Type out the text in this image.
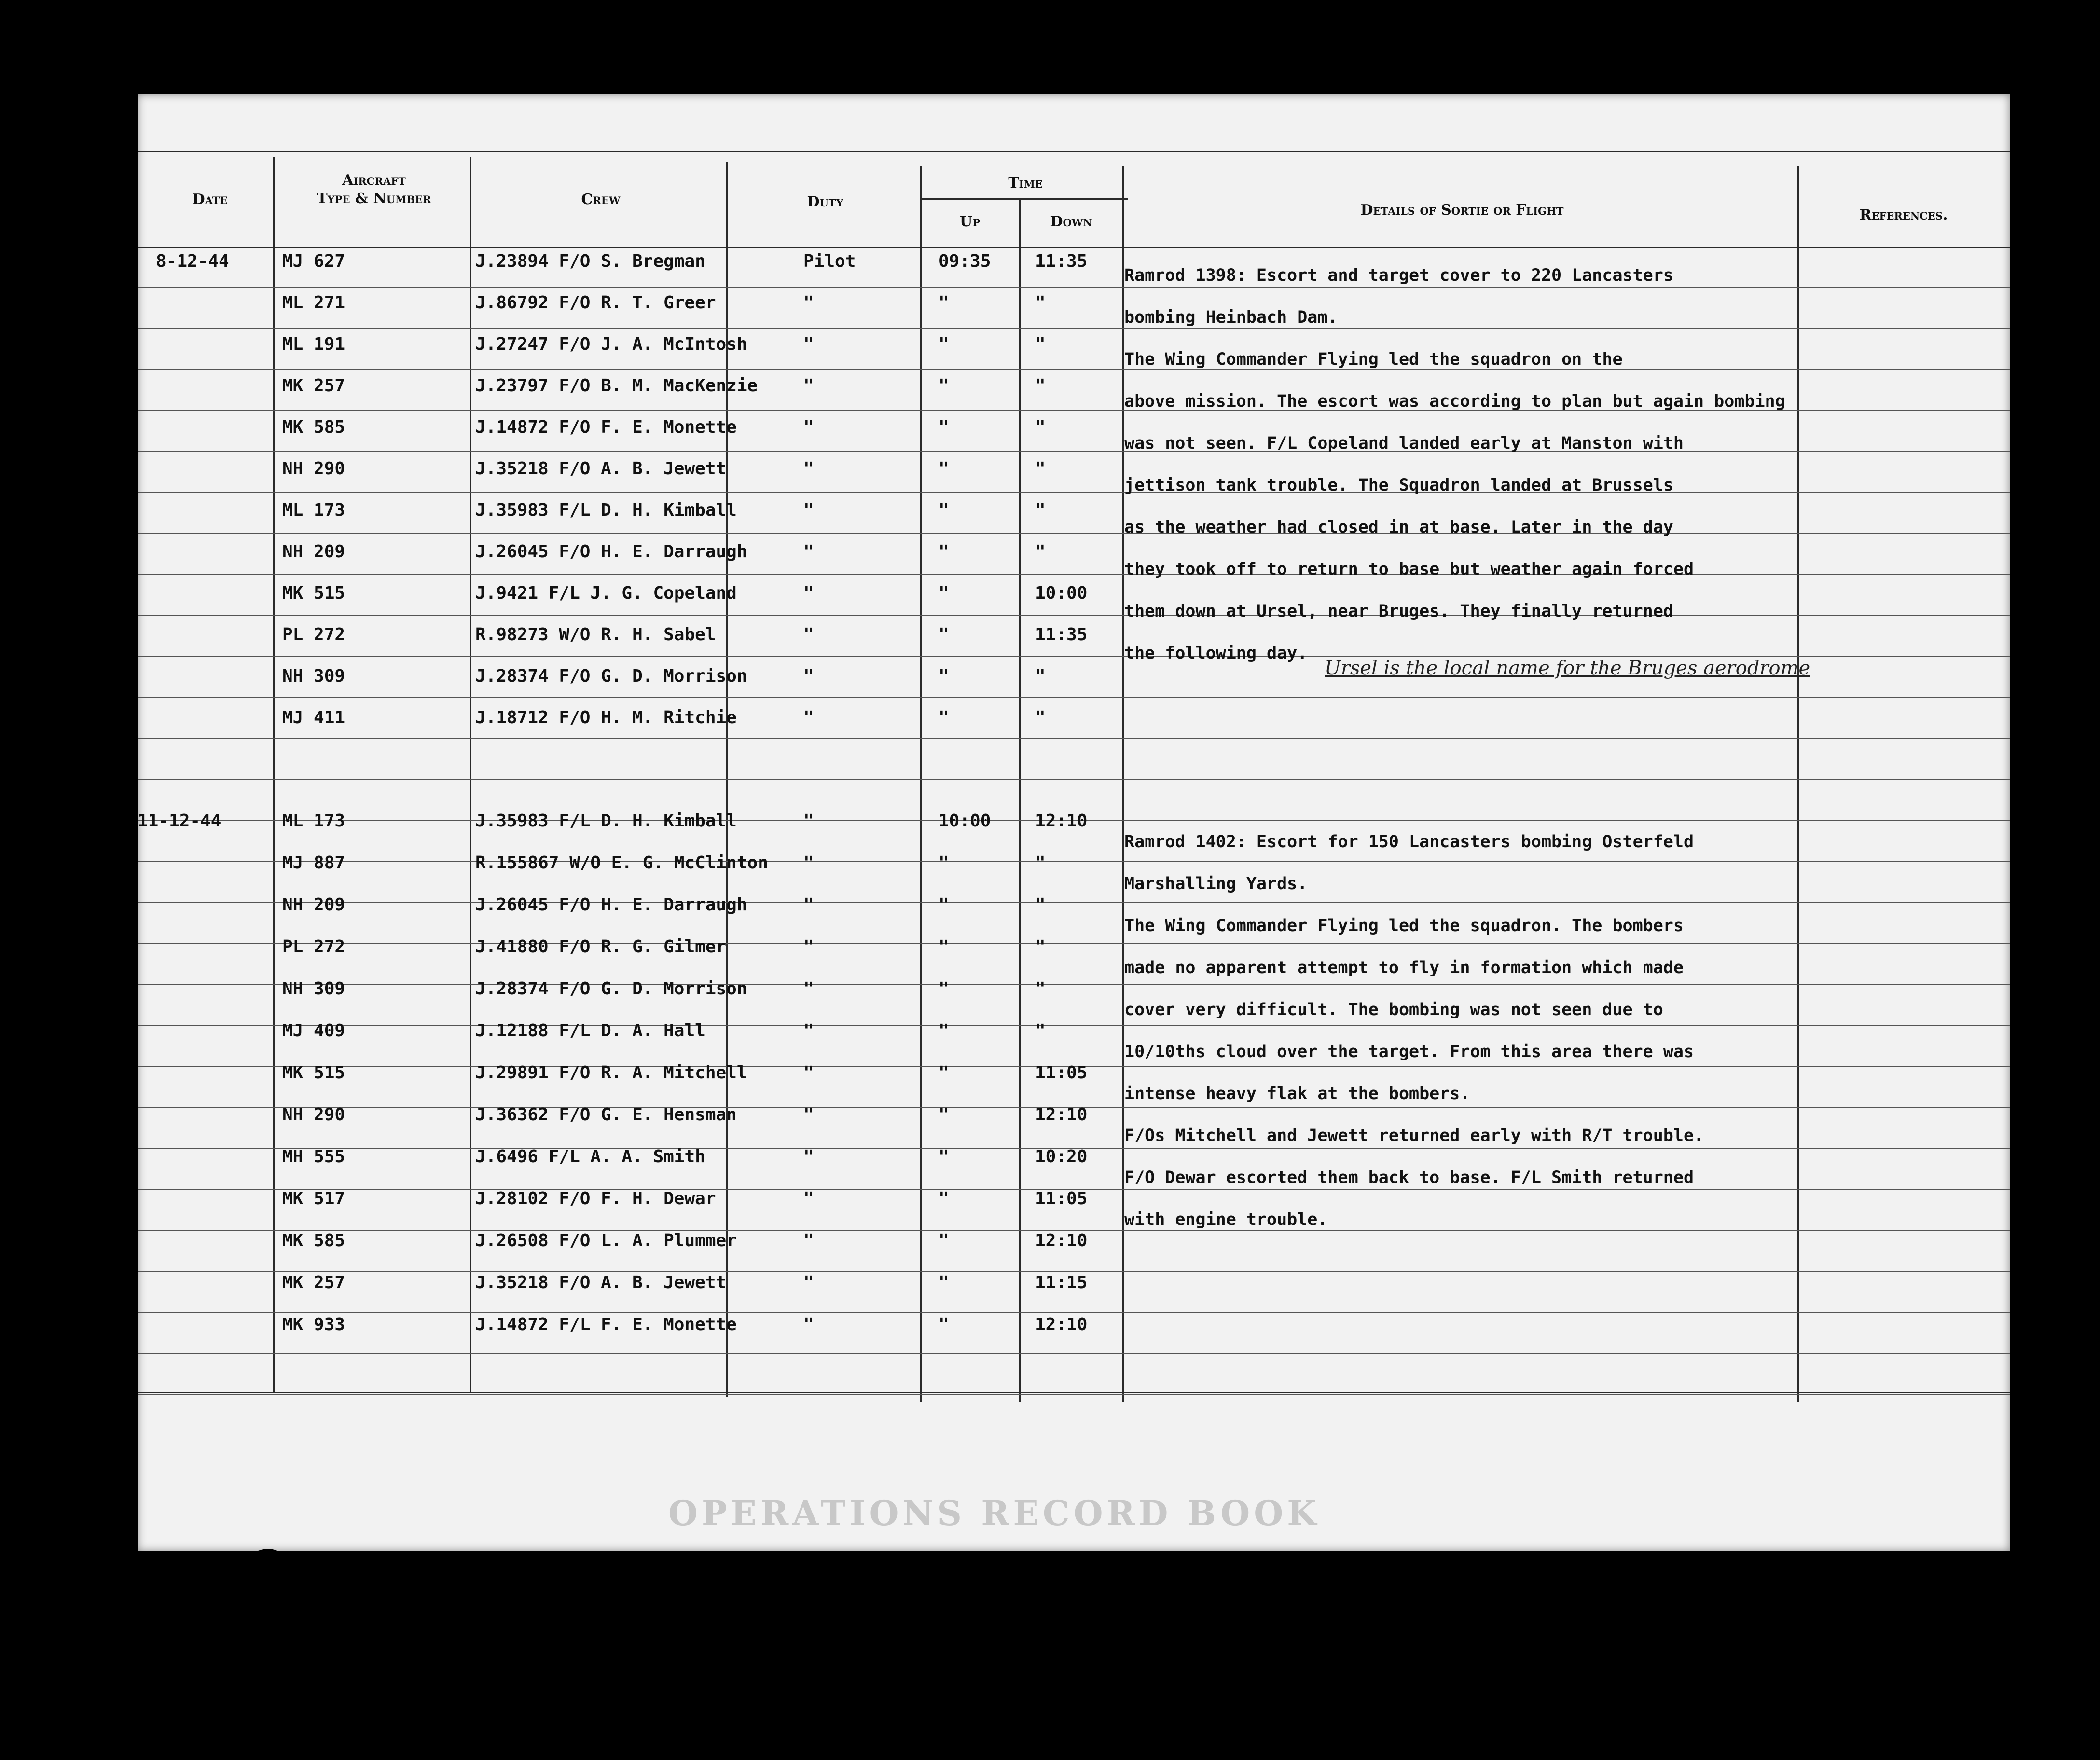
Date
Aircraft
Type & Number	Crew	Duty
Time
Up	Down
Details of Sortie or Flight	References.
8-12-44	MJ 627	J.23894 F/O S. Bregman	Pilot	09:35	11:35
ML 271	J.86792 F/O R. T. Greer	"	"	"
ML 191	J.27247 F/O J. A. McIntosh	"	"	"
MK 257	J.23797 F/O B. M. MacKenzie	"	"	"
MK 585	J.14872 F/O F. E. Monette	"	"	"
NH 290	J.35218 F/O A. B. Jewett	"	"	"
ML 173	J.35983 F/L D. H. Kimball	"	"	"
NH 209	J.26045 F/O H. E. Darraugh	"	"	"
MK 515	J.9421 F/L J. G. Copeland	"	"	10:00
PL 272	R.98273 W/O R. H. Sabel	"	"	11:35
NH 309	J.28374 F/O G. D. Morrison	"	"	"
MJ 411	J.18712 F/O H. M. Ritchie	"	"	"
Ramrod 1398: Escort and target cover to 220 Lancasters
bombing Heinbach Dam.
The Wing Commander Flying led the squadron on the
above mission. The escort was according to plan but again bombing
was not seen. F/L Copeland landed early at Manston with
jettison tank trouble. The Squadron landed at Brussels
as the weather had closed in at base. Later in the day
they took off to return to base but weather again forced
them down at Ursel, near Bruges. They finally returned
the following day.
Ursel is the local name for the Bruges aerodrome
11-12-44	ML 173	J.35983 F/L D. H. Kimball	"	10:00	12:10
MJ 887	R.155867 W/O E. G. McClinton "	"	"
NH 209	J.26045 F/O H. E. Darraugh	"	"	"
PL 272	J.41880 F/O R. G. Gilmer	"	"	"
NH 309	J.28374 F/O G. D. Morrison	"	"	"
MJ 409	J.12188 F/L D. A. Hall	"	"	"
MK 515	J.29891 F/O R. A. Mitchell	"	"	11:05
NH 290	J.36362 F/O G. E. Hensman	"	"	12:10
MH 555	J.6496 F/L A. A. Smith	"	"	10:20
MK 517	J.28102 F/O F. H. Dewar	"	"	11:05
MK 585	J.26508 F/O L. A. Plummer	"	"	12:10
MK 257	J.35218 F/O A. B. Jewett	"	"	11:15
MK 933	J.14872 F/L F. E. Monette	"	"	12:10
Ramrod 1402: Escort for 150 Lancasters bombing Osterfeld
Marshalling Yards.
The Wing Commander Flying led the squadron. The bombers
made no apparent attempt to fly in formation which made
cover very difficult. The bombing was not seen due to
10/10ths cloud over the target. From this area there was
intense heavy flak at the bombers.
F/Os Mitchell and Jewett returned early with R/T trouble.
F/O Dewar escorted them back to base. F/L Smith returned
with engine trouble.
OPERATIONS RECORD BOOK
